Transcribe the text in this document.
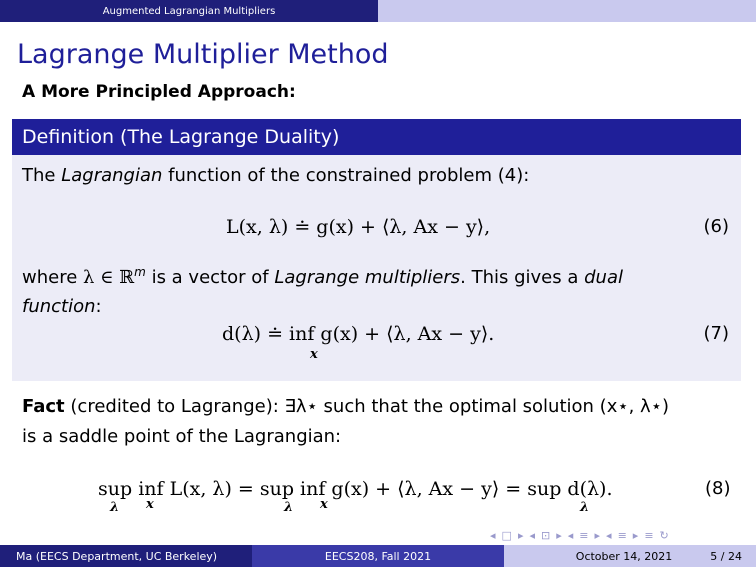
Augmented Lagrangian Multipliers
Lagrange Multiplier Method
A More Principled Approach:
Definition (The Lagrange Duality)
The Lagrangian function of the constrained problem (4):
L(x, λ) ≐ g(x) + ⟨λ, Ax − y⟩,	(6)
where λ ∈ ℝ$^m$ is a vector of Lagrange multipliers. This gives a dual
function:
d(λ) ≐ inf g(x) + ⟨λ, Ax − y⟩.
x
(7)
Fact (credited to Lagrange): ∃λ⋆ such that the optimal solution (x⋆, λ⋆)
is a saddle point of the Lagrangian:
sup inf L(x, λ) = sup inf g(x) + ⟨λ, Ax − y⟩ = sup d(λ).
λ x	λ x	λ
(8)
◂ □ ▸ ◂ ⊡ ▸ ◂ ≡ ▸ ◂ ≡ ▸ ≡ ↻
Ma (EECS Department, UC Berkeley)	EECS208, Fall 2021	October 14, 2021	5 / 24
